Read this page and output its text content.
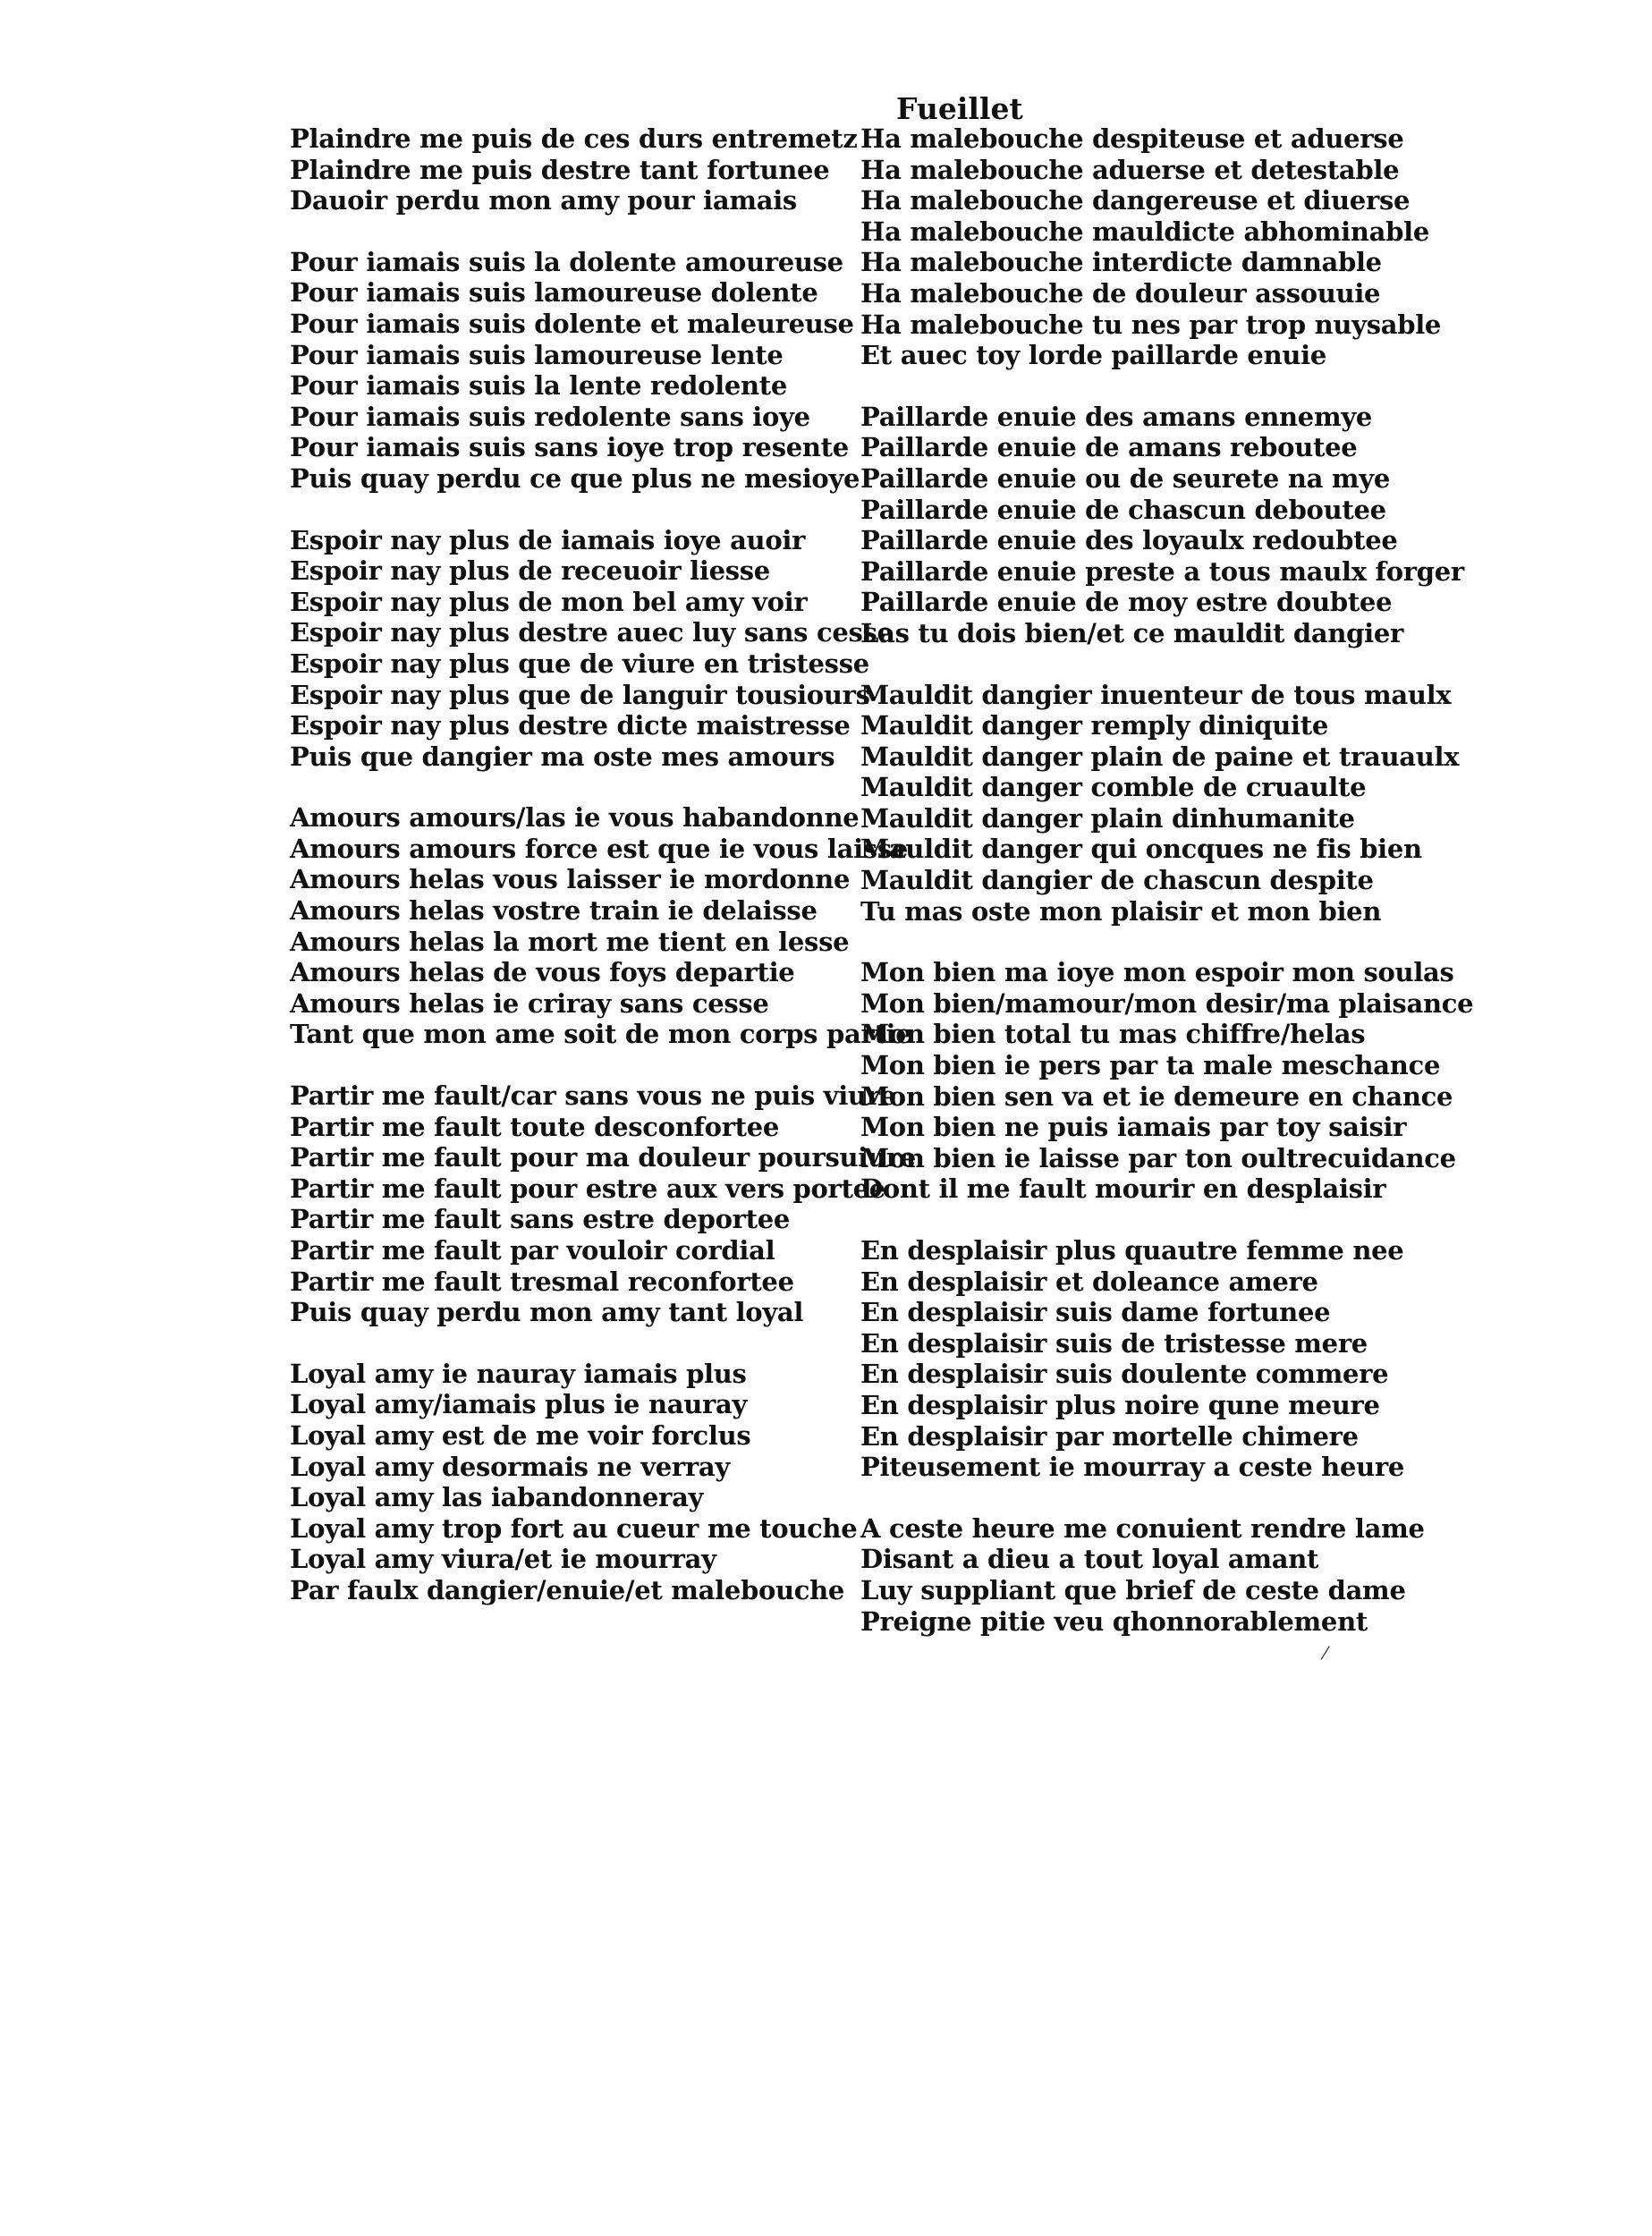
Fueillet
Plaindre me puis de ces durs entremetz
Plaindre me puis destre tant fortunee
Dauoir perdu mon amy pour iamais
Pour iamais suis la dolente amoureuse
Pour iamais suis lamoureuse dolente
Pour iamais suis dolente et maleureuse
Pour iamais suis lamoureuse lente
Pour iamais suis la lente redolente
Pour iamais suis redolente sans ioye
Pour iamais suis sans ioye trop resente
Puis quay perdu ce que plus ne mesioye
Espoir nay plus de iamais ioye auoir
Espoir nay plus de receuoir liesse
Espoir nay plus de mon bel amy voir
Espoir nay plus destre auec luy sans cesse
Espoir nay plus que de viure en tristesse
Espoir nay plus que de languir tousiours
Espoir nay plus destre dicte maistresse
Puis que dangier ma oste mes amours
Amours amours/las ie vous habandonne
Amours amours force est que ie vous laisse
Amours helas vous laisser ie mordonne
Amours helas vostre train ie delaisse
Amours helas la mort me tient en lesse
Amours helas de vous foys departie
Amours helas ie criray sans cesse
Tant que mon ame soit de mon corps partie
Partir me fault/car sans vous ne puis viure
Partir me fault toute desconfortee
Partir me fault pour ma douleur poursuiure
Partir me fault pour estre aux vers portee
Partir me fault sans estre deportee
Partir me fault par vouloir cordial
Partir me fault tresmal reconfortee
Puis quay perdu mon amy tant loyal
Loyal amy ie nauray iamais plus
Loyal amy/iamais plus ie nauray
Loyal amy est de me voir forclus
Loyal amy desormais ne verray
Loyal amy las iabandonneray
Loyal amy trop fort au cueur me touche
Loyal amy viura/et ie mourray
Par faulx dangier/enuie/et malebouche
Ha malebouche despiteuse et aduerse
Ha malebouche aduerse et detestable
Ha malebouche dangereuse et diuerse
Ha malebouche mauldicte abhominable
Ha malebouche interdicte damnable
Ha malebouche de douleur assouuie
Ha malebouche tu nes par trop nuysable
Et auec toy lorde paillarde enuie
Paillarde enuie des amans ennemye
Paillarde enuie de amans reboutee
Paillarde enuie ou de seurete na mye
Paillarde enuie de chascun deboutee
Paillarde enuie des loyaulx redoubtee
Paillarde enuie preste a tous maulx forger
Paillarde enuie de moy estre doubtee
Las tu dois bien/et ce mauldit dangier
Mauldit dangier inuenteur de tous maulx
Mauldit danger remply diniquite
Mauldit danger plain de paine et trauaulx
Mauldit danger comble de cruaulte
Mauldit danger plain dinhumanite
Mauldit danger qui oncques ne fis bien
Mauldit dangier de chascun despite
Tu mas oste mon plaisir et mon bien
Mon bien ma ioye mon espoir mon soulas
Mon bien/mamour/mon desir/ma plaisance
Mon bien total tu mas chiffre/helas
Mon bien ie pers par ta male meschance
Mon bien sen va et ie demeure en chance
Mon bien ne puis iamais par toy saisir
Mon bien ie laisse par ton oultrecuidance
Dont il me fault mourir en desplaisir
En desplaisir plus quautre femme nee
En desplaisir et doleance amere
En desplaisir suis dame fortunee
En desplaisir suis de tristesse mere
En desplaisir suis doulente commere
En desplaisir plus noire qune meure
En desplaisir par mortelle chimere
Piteusement ie mourray a ceste heure
A ceste heure me conuient rendre lame
Disant a dieu a tout loyal amant
Luy suppliant que brief de ceste dame
Preigne pitie veu qhonnorablement
⁄
